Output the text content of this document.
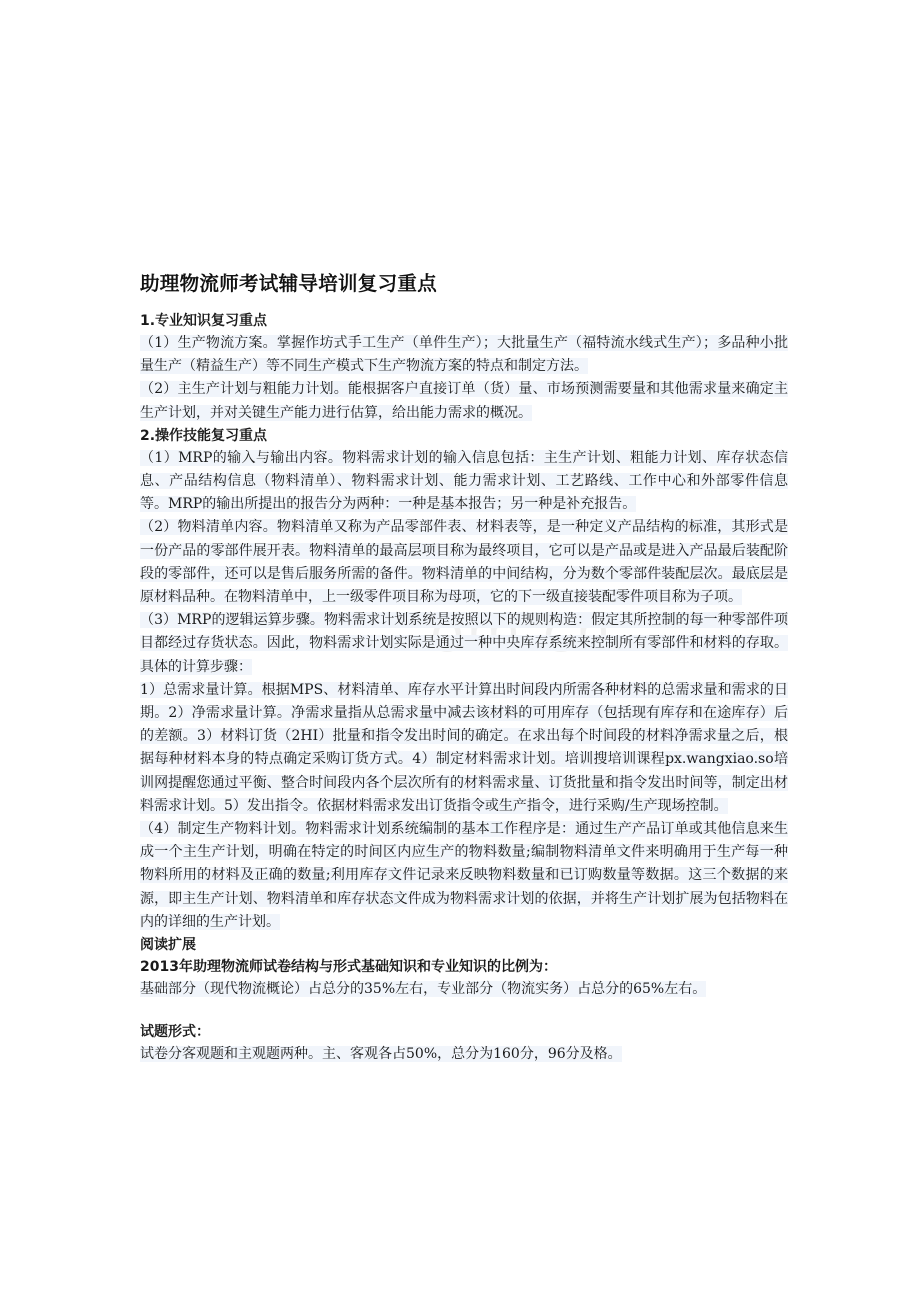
om.cn
助理物流师考试辅导培训复习重点

1.专业知识复习重点

（1）生产物流方案。掌握作坊式手工生产（单件生产）；大批量生产（福特流水线式生产）；多品种小批量生产（精益生产）等不同生产模式下生产物流方案的特点和制定方法。

（2）主生产计划与粗能力计划。能根据客户直接订单（货）量、市场预测需要量和其他需求量来确定主生产计划，并对关键生产能力进行估算，给出能力需求的概况。

2.操作技能复习重点

（1）MRP的输入与输出内容。物料需求计划的输入信息包括：主生产计划、粗能力计划、库存状态信息、产品结构信息（物料清单）、物料需求计划、能力需求计划、工艺路线、工作中心和外部零件信息等。MRP的输出所提出的报告分为两种：一种是基本报告；另一种是补充报告。

（2）物料清单内容。物料清单又称为产品零部件表、材料表等，是一种定义产品结构的标准，其形式是一份产品的零部件展开表。物料清单的最高层项目称为最终项目，它可以是产品或是进入产品最后装配阶段的零部件，还可以是售后服务所需的备件。物料清单的中间结构，分为数个零部件装配层次。最底层是原材料品种。在物料清单中，上一级零件项目称为母项，它的下一级直接装配零件项目称为子项。

（3）MRP的逻辑运算步骤。物料需求计划系统是按照以下的规则构造：假定其所控制的每一种零部件项目都经过存货状态。因此，物料需求计划实际是通过一种中央库存系统来控制所有零部件和材料的存取。具体的计算步骤：

1）总需求量计算。根据MPS、材料清单、库存水平计算出时间段内所需各种材料的总需求量和需求的日期。2）净需求量计算。净需求量指从总需求量中减去该材料的可用库存（包括现有库存和在途库存）后的差额。3）材料订货（2HI）批量和指令发出时间的确定。在求出每个时间段的材料净需求量之后，根据每种材料本身的特点确定采购订货方式。4）制定材料需求计划。培训搜培训课程px.wangxiao.so培训网提醒您通过平衡、整合时间段内各个层次所有的材料需求量、订货批量和指令发出时间等，制定出材料需求计划。5）发出指令。依据材料需求发出订货指令或生产指令，进行采购/生产现场控制。

（4）制定生产物料计划。物料需求计划系统编制的基本工作程序是：通过生产产品订单或其他信息来生成一个主生产计划，明确在特定的时间区内应生产的物料数量;编制物料清单文件来明确用于生产每一种物料所用的材料及正确的数量;利用库存文件记录来反映物料数量和已订购数量等数据。这三个数据的来源，即主生产计划、物料清单和库存状态文件成为物料需求计划的依据，并将生产计划扩展为包括物料在内的详细的生产计划。

阅读扩展

2013年助理物流师试卷结构与形式基础知识和专业知识的比例为：

基础部分（现代物流概论）占总分的35%左右，专业部分（物流实务）占总分的65%左右。

试题形式：

试卷分客观题和主观题两种。主、客观各占50%，总分为160分，96分及格。
